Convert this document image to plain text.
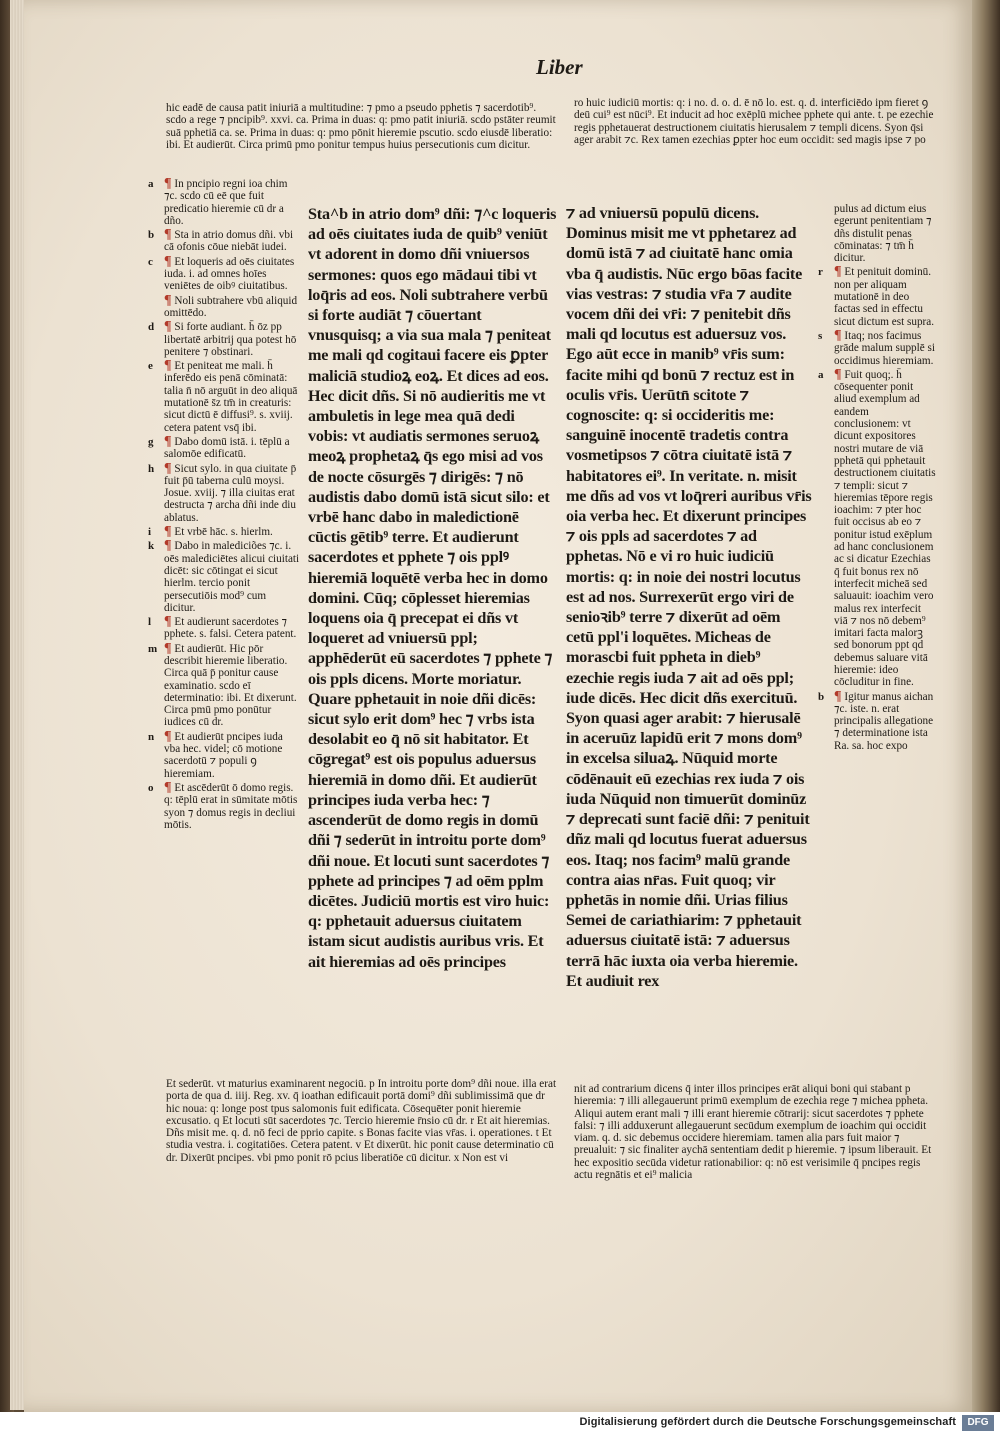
Liber

hic eadē de causa patit iniuriā a multitudine: ⁊ pmo a pseudo pphetis ⁊ sacerdotib⁹. scdo a rege ⁊ pncipib⁹. xxvi. ca. Prima in duas: q: pmo patit iniuriā. scdo pstāter reumit suā pphetiā ca. se. Prima in duas: q: pmo pōnit hieremie pscutio. scdo eiusdē liberatio: ibi. Et audierūt. Circa primū pmo ponitur tempus huius persecutionis cum dicitur.

ro huic iudiciū mortis: q: i no. d. o. d. ē nō lo. est. q. d. interficiēdo ipm fieret ꝯ deū cui⁹ est nūci⁹. Et inducit ad hoc exēplū michee pphete qui ante. t. pe ezechie regis pphetauerat destructionem ciuitatis hierusalem ⁊ templi dicens. Syon q̄si ager arabit ⁊c. Rex tamen ezechias ꝑpter hoc eum occidit: sed magis ipse ⁊ po

a ¶ In pncipio regni ioa chim ⁊c. scdo cū eē que fuit predicatio hieremie cū dr a dño.
b ¶ Sta in atrio domus dñi. vbi cā ofonis cōue niebāt iudei.
c ¶ Et loqueris ad oēs ciuitates iuda. i. ad omnes hoīes veniētes de oibꝰ ciuitatibus.
¶ Noli subtrahere vbū aliquid omittēdo.
d ¶ Si forte audiant. h̄ ōz pp libertatē arbitrij qua potest hō penitere ⁊ obstinari.
e ¶ Et peniteat me mali. h̄ inferēdo eis penā cōminatā: talia n̄ nō arguūt in deo aliquā mutationē s̄z tm̄ in creaturis: sicut dictū ē diffusi⁹. s. xviij. cetera patent vsq̄ ibi.
g ¶ Dabo domū istā. i. tēplū a salomōe edificatū.
h ¶ Sicut sylo. in qua ciuitate p̄ fuit p̄ū taberna culū moysi. Josue. xviij. ⁊ illa ciuitas erat destructa ⁊ archa dñi inde diu ablatus.
i ¶ Et vrbē hāc. s. hierlm.
k ¶ Dabo in malediciões ⁊c. i. oēs malediciētes alicui ciuitati dicēt: sic cōtingat ei sicut hierlm. tercio ponit persecutiōis mod⁹ cum dicitur.
l ¶ Et audierunt sacerdotes ⁊ pphete. s. falsi. Cetera patent.
m ¶ Et audierūt. Hic pōr describit hieremie liberatio. Circa quā p̄ ponitur cause examinatio. scdo eī determinatio: ibi. Et dixerunt. Circa pmū pmo ponūtur iudices cū dr.
n ¶ Et audierūt pncipes iuda vba hec. videl; cō motione sacerdotū ⁊ populi ꝯ hieremiam.
o ¶ Et ascēderūt ō domo regis. q: tēplū erat in sūmitate mōtis syon ⁊ domus regis in decliui mōtis.

Sta^b in atrio dom⁹ dñi: ⁊^c loqueris ad oēs ciuitates iuda de quib⁹ veniūt vt adorent in domo dñi vniuersos sermones: quos ego mādaui tibi vt loq̄ris ad eos. Noli subtrahere verbū si forte audiāt ⁊ cōuertant vnusquisq; a via sua mala ⁊ peniteat me mali qd cogitaui facere eis ꝑpter maliciā studioꝝ eoꝝ. Et dices ad eos. Hec dicit dñs. Si nō audieritis me vt ambuletis in lege mea quā dedi vobis: vt audiatis sermones seruoꝝ meoꝝ prophetaꝝ q̄s ego misi ad vos de nocte cōsurgēs ⁊ dirigēs: ⁊ nō audistis dabo domū istā sicut silo: et vrbē hanc dabo in maledictionē cūctis gētib⁹ terre. Et audierunt sacerdotes et pphete ⁊ ois pplꝰ hieremiā loquētē verba hec in domo domini. Cūq; cōplesset hieremias loquens oia q̄ precepat ei dñs vt loqueret ad vniuersū ppl; apphēderūt eū sacerdotes ⁊ pphete ⁊ ois ppls dicens. Morte moriatur. Quare pphetauit in noie dñi dicēs: sicut sylo erit dom⁹ hec ⁊ vrbs ista desolabit eo q̄ nō sit habitator. Et cōgregat⁹ est ois populus aduersus hieremiā in domo dñi. Et audierūt principes iuda verba hec: ⁊ ascenderūt de domo regis in domū dñi ⁊ sederūt in introitu porte dom⁹ dñi noue. Et locuti sunt sacerdotes ⁊ pphete ad principes ⁊ ad oēm pplm dicētes. Judiciū mortis est viro huic: q: pphetauit aduersus ciuitatem istam sicut audistis auribus vris. Et ait hieremias ad oēs principes

⁊ ad vniuersū populū dicens. Dominus misit me vt pphetarez ad domū istā ⁊ ad ciuitatē hanc omia vba q̄ audistis. Nūc ergo bōas facite vias vestras: ⁊ studia vr̄a ⁊ audite vocem dñi dei vr̄i: ⁊ penitebit dñs mali qd locutus est aduersuz vos. Ego aūt ecce in manib⁹ vr̄is sum: facite mihi qd bonū ⁊ rectuz est in oculis vr̄is. Uerūtn̄ scitote ⁊ cognoscite: q: si occideritis me: sanguinē inocentē tradetis contra vosmetipsos ⁊ cōtra ciuitatē istā ⁊ habitatores ei⁹. In veritate. n. misit me dñs ad vos vt loq̄reri auribus vr̄is oia verba hec. Et dixerunt principes ⁊ ois ppls ad sacerdotes ⁊ ad pphetas. Nō e vi ro huic iudiciū mortis: q: in noie dei nostri locutus est ad nos. Surrexerūt ergo viri de senioꝛib⁹ terre ⁊ dixerūt ad oēm cetū ppl'i loquētes. Micheas de morascbi fuit ppheta in dieb⁹ ezechie regis iuda ⁊ ait ad oēs ppl; iude dicēs. Hec dicit dñs exercituū. Syon quasi ager arabit: ⁊ hierusalē in aceruūz lapidū erit ⁊ mons dom⁹ in excelsa siluaꝝ. Nūquid morte cōdēnauit eū ezechias rex iuda ⁊ ois iuda Nūquid non timuerūt dominūz ⁊ deprecati sunt faciē dñi: ⁊ penituit dñz mali qd locutus fuerat aduersus eos. Itaq; nos facim⁹ malū grande contra aias nr̄as. Fuit quoq; vir pphetās in nomie dñi. Urias filius Semei de cariathiarim: ⁊ pphetauit aduersus ciuitatē istā: ⁊ aduersus terrā hāc iuxta oia verba hieremie. Et audiuit rex

pulus ad dictum eius egerunt penitentiam ⁊ dñs distulit penas cōminatas: ⁊ tm̄ h̄ dicitur.
r ¶ Et penituit dominū. non per aliquam mutationē in deo factas sed in effectu sicut dictum est supra.
s ¶ Itaq; nos facimus grāde malum supplē si occidimus hieremiam.
a ¶ Fuit quoq;. h̄ cōsequenter ponit aliud exemplum ad eandem conclusionem: vt dicunt expositores nostri mutare de viā pphetā qui pphetauit destructionem ciuitatis ⁊ templi: sicut ⁊ hieremias tēpore regis ioachim: ⁊ pter hoc fuit occisus ab eo ⁊ ponitur istud exēplum ad hanc conclusionem ac si dicatur Ezechias q̄ fuit bonus rex nō interfecit micheā sed saluauit: ioachim vero malus rex interfecit viā ⁊ nos nō debem⁹ imitari facta malorꝫ sed bonorum ppt qd debemus saluare vitā hieremie: ideo cōcluditur in fine.
b ¶ Igitur manus aichan ⁊c. iste. n. erat principalis allegatione ⁊ determinatione ista Ra. sa. hoc expo

Et sederūt. vt maturius examinarent negociū. p In introitu porte dom⁹ dñi noue. illa erat porta de qua d. iiij. Reg. xv. q̄ ioathan edificauit portā domi⁹ dñi sublimissimā que dr hic noua: q: longe post tpus salomonis fuit edificata. Cōsequēter ponit hieremie excusatio. q Et locuti sūt sacerdotes ⁊c. Tercio hieremie r̄nsio cū dr. r Et ait hieremias. Dñs misit me. q. d. nō feci de pprio capite. s Bonas facite vias vr̄as. i. operationes. t Et studia vestra. i. cogitatiōes. Cetera patent. v Et dixerūt. hic ponit cause determinatio cū dr. Dixerūt pncipes. vbi pmo ponit rō pcius liberatiōe cū dicitur. x Non est vi

nit ad contrarium dicens q̄ inter illos principes erāt aliqui boni qui stabant p hieremia: ⁊ illi allegauerunt primū exemplum de ezechia rege ⁊ michea ppheta. Aliqui autem erant mali ⁊ illi erant hieremie cōtrarij: sicut sacerdotes ⁊ pphete falsi: ⁊ illi adduxerunt allegauerunt secūdum exemplum de ioachim qui occidit viam. q. d. sic debemus occidere hieremiam. tamen alia pars fuit maior ⁊ preualuit: ⁊ sic finaliter aychā sententiam dedit p hieremie. ⁊ ipsum liberauit. Et hec expositio secūda videtur rationabilior: q: nō est verisimile q̄ pncipes regis actu regnātis et ei⁹ malicia

Digitalisierung gefördert durch die Deutsche Forschungsgemeinschaft	DFG
